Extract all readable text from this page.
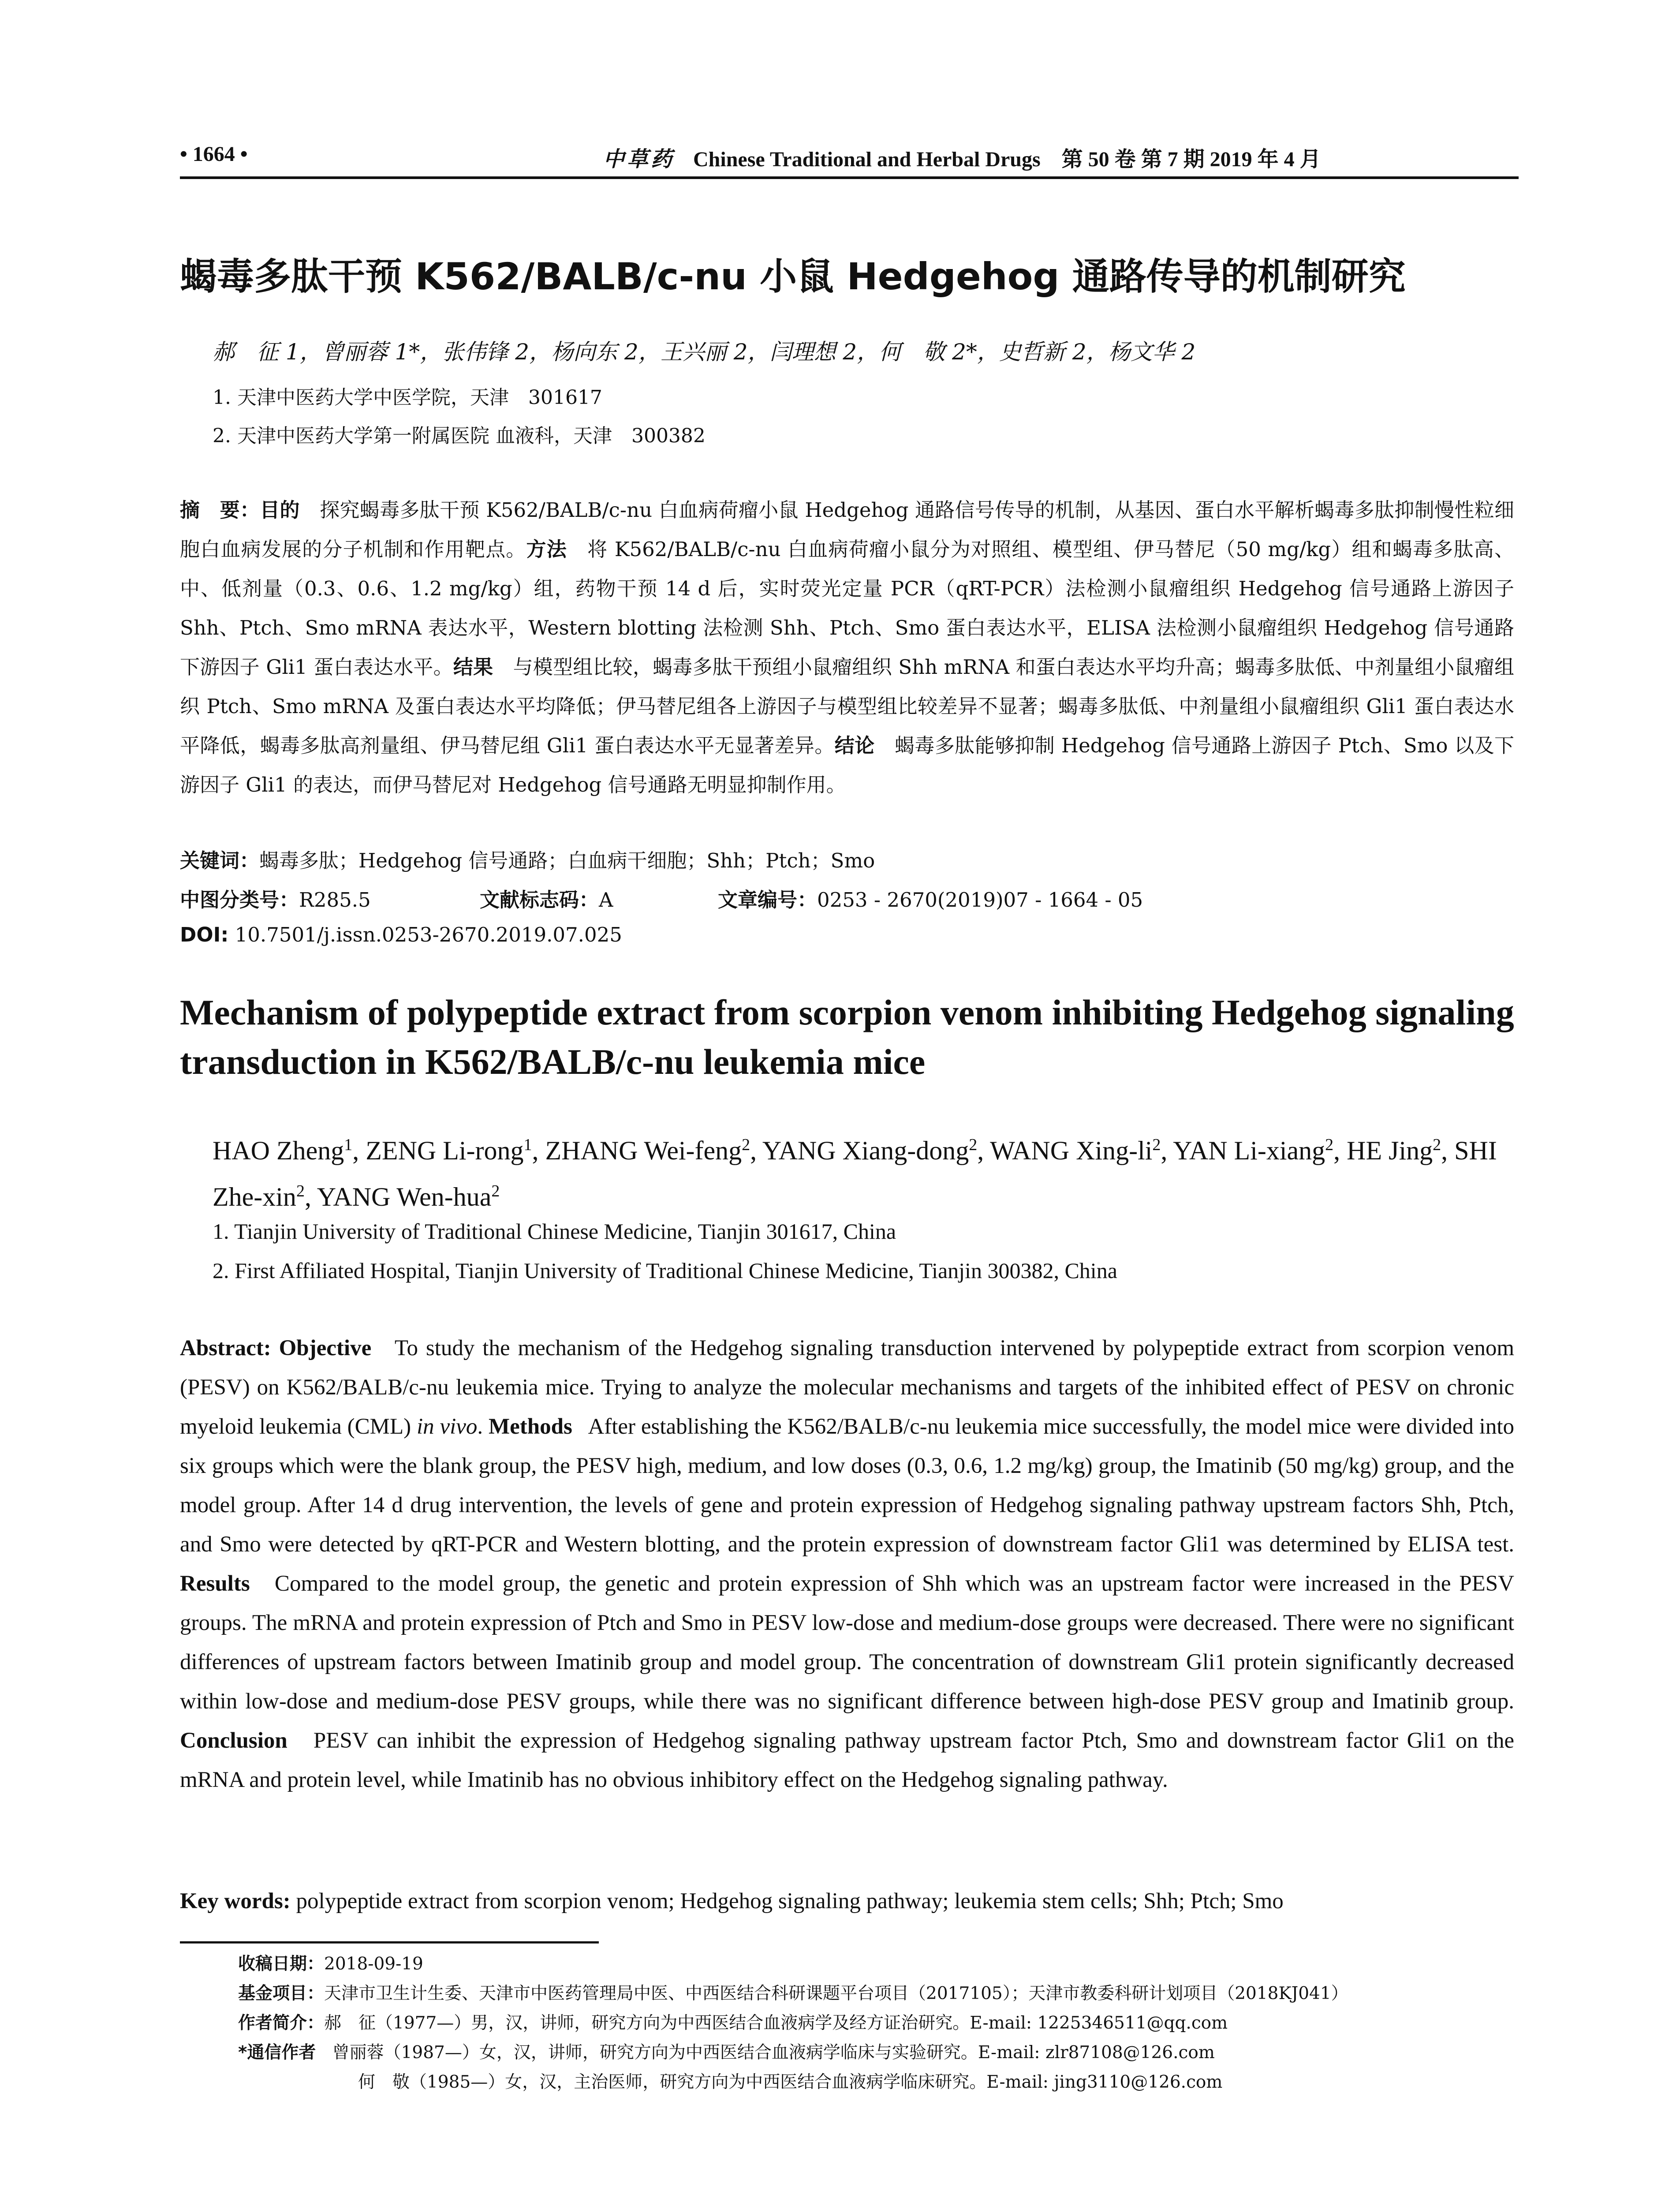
• 1664 •	中草药 Chinese Traditional and Herbal Drugs　第 50 卷 第 7 期 2019 年 4 月
蝎毒多肽干预 K562/BALB/c-nu 小鼠 Hedgehog 通路传导的机制研究
郝　征 1，曾丽蓉 1*，张伟锋 2，杨向东 2，王兴丽 2，闫理想 2，何　敬 2*，史哲新 2，杨文华 2
1. 天津中医药大学中医学院，天津　301617
2. 天津中医药大学第一附属医院 血液科，天津　300382
摘　要：目的　 探究蝎毒多肽干预 K562/BALB/c-nu 白血病荷瘤小鼠 Hedgehog 通路信号传导的机制，从基因、蛋白水平解析蝎毒多肽抑制慢性粒细胞白血病发展的分子机制和作用靶点。方法　 将 K562/BALB/c-nu 白血病荷瘤小鼠分为对照组、模型组、伊马替尼（50 mg/kg）组和蝎毒多肽高、中、低剂量（0.3、0.6、1.2 mg/kg）组，药物干预 14 d 后，实时荧光定量 PCR（qRT-PCR）法检测小鼠瘤组织 Hedgehog 信号通路上游因子 Shh、Ptch、Smo mRNA 表达水平，Western blotting 法检测 Shh、Ptch、Smo 蛋白表达水平，ELISA 法检测小鼠瘤组织 Hedgehog 信号通路下游因子 Gli1 蛋白表达水平。结果　 与模型组比较，蝎毒多肽干预组小鼠瘤组织 Shh mRNA 和蛋白表达水平均升高；蝎毒多肽低、中剂量组小鼠瘤组织 Ptch、Smo mRNA 及蛋白表达水平均降低；伊马替尼组各上游因子与模型组比较差异不显著；蝎毒多肽低、中剂量组小鼠瘤组织 Gli1 蛋白表达水平降低，蝎毒多肽高剂量组、伊马替尼组 Gli1 蛋白表达水平无显著差异。结论　 蝎毒多肽能够抑制 Hedgehog 信号通路上游因子 Ptch、Smo 以及下游因子 Gli1 的表达，而伊马替尼对 Hedgehog 信号通路无明显抑制作用。
关键词：蝎毒多肽；Hedgehog 信号通路；白血病干细胞；Shh；Ptch；Smo
中图分类号：R285.5	文献标志码：A	文章编号：0253 - 2670(2019)07 - 1664 - 05
DOI: 10.7501/j.issn.0253-2670.2019.07.025
Mechanism of polypeptide extract from scorpion venom inhibiting Hedgehog signaling transduction in K562/BALB/c-nu leukemia mice
HAO Zheng$^1$, ZENG Li-rong$^1$, ZHANG Wei-feng$^2$, YANG Xiang-dong$^2$, WANG Xing-$li^2$, YAN Li-xiang$^2$, HE Jing$^2$, SHI Zhe-xin$^2$, YANG Wen-hua$^2$
1. Tianjin University of Traditional Chinese Medicine, Tianjin 301617, China
2. First Affiliated Hospital, Tianjin University of Traditional Chinese Medicine, Tianjin 300382, China
Abstract: Objective To study the mechanism of the Hedgehog signaling transduction intervened by polypeptide extract from scorpion venom (PESV) on K562/BALB/c-nu leukemia mice. Trying to analyze the molecular mechanisms and targets of the inhibited effect of PESV on chronic myeloid leukemia (CML) in vivo. Methods After establishing the K562/BALB/c-nu leukemia mice successfully, the model mice were divided into six groups which were the blank group, the PESV high, medium, and low doses (0.3, 0.6, 1.2 mg/kg) group, the Imatinib (50 mg/kg) group, and the model group. After 14 d drug intervention, the levels of gene and protein expression of Hedgehog signaling pathway upstream factors Shh, Ptch, and Smo were detected by qRT-PCR and Western blotting, and the protein expression of downstream factor Gli1 was determined by ELISA test. Results Compared to the model group, the genetic and protein expression of Shh which was an upstream factor were increased in the PESV groups. The mRNA and protein expression of Ptch and Smo in PESV low-dose and medium-dose groups were decreased. There were no significant differences of upstream factors between Imatinib group and model group. The concentration of downstream Gli1 protein significantly decreased within low-dose and medium-dose PESV groups, while there was no significant difference between high-dose PESV group and Imatinib group. Conclusion PESV can inhibit the expression of Hedgehog signaling pathway upstream factor Ptch, Smo and downstream factor Gli1 on the mRNA and protein level, while Imatinib has no obvious inhibitory effect on the Hedgehog signaling pathway.
Key words: polypeptide extract from scorpion venom; Hedgehog signaling pathway; leukemia stem cells; Shh; Ptch; Smo
收稿日期：2018-09-19
基金项目：天津市卫生计生委、天津市中医药管理局中医、中西医结合科研课题平台项目（2017105）；天津市教委科研计划项目（2018KJ041）
作者简介：郝　征（1977—）男，汉，讲师，研究方向为中西医结合血液病学及经方证治研究。E-mail: 1225346511@qq.com
*通信作者 曾丽蓉（1987—）女，汉，讲师，研究方向为中西医结合血液病学临床与实验研究。E-mail: zlr87108@126.com
何　敬（1985—）女，汉，主治医师，研究方向为中西医结合血液病学临床研究。E-mail: jing3110@126.com
